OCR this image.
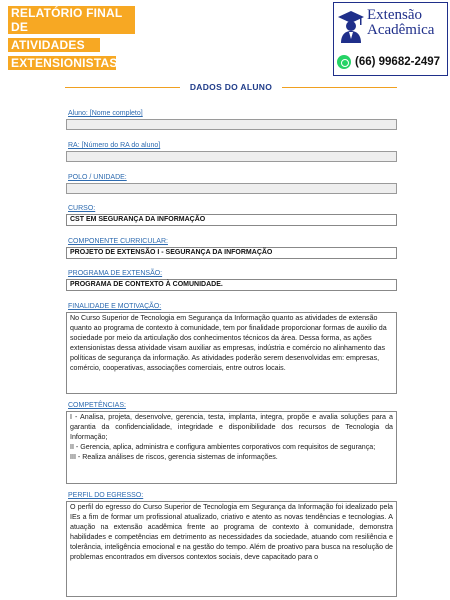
RELATÓRIO FINAL DE
ATIVIDADES
EXTENSIONISTAS
Extensão
Acadêmica
(66) 99682-2497
DADOS DO ALUNO
Aluno: [Nome completo]
RA: [Número do RA do aluno]
POLO / UNIDADE:
CURSO:
CST EM SEGURANÇA DA INFORMAÇÃO
COMPONENTE CURRICULAR:
PROJETO DE EXTENSÃO I - SEGURANÇA DA INFORMAÇÃO
PROGRAMA DE EXTENSÃO:
PROGRAMA DE CONTEXTO À COMUNIDADE.
FINALIDADE E MOTIVAÇÃO:

No Curso Superior de Tecnologia em Segurança da Informação quanto as atividades de extensão quanto ao programa de contexto à comunidade, tem por finalidade proporcionar formas de auxilio da sociedade por meio da articulação dos conhecimentos técnicos da área. Dessa forma, as ações extensionistas dessa atividade visam auxiliar as empresas, indústria e comércio no alinhamento das políticas de segurança da informação. As atividades poderão serem desenvolvidas em: empresas, comércio, cooperativas, associações comerciais, entre outros locais.

COMPETÊNCIAS:

I - Analisa, projeta, desenvolve, gerencia, testa, implanta, integra, propõe e avalia soluções para a garantia da confidencialidade, integridade e disponibilidade dos recursos de Tecnologia da Informação;

II - Gerencia, aplica, administra e configura ambientes corporativos com requisitos de segurança;

III - Realiza análises de riscos, gerencia sistemas de informações.

PERFIL DO EGRESSO:

O perfil do egresso do Curso Superior de Tecnologia em Segurança da Informação foi idealizado pela IEs a fim de formar um profissional atualizado, criativo e atento as novas tendências e tecnologias. A atuação na extensão acadêmica frente ao programa de contexto à comunidade, demonstra habilidades e competências em detrimento as necessidades da sociedade, atuando com resiliência e tolerância, inteligência emocional e na gestão do tempo. Além de proativo para busca na resolução de problemas encontrados em diversos contextos sociais, deve capacitado para o
